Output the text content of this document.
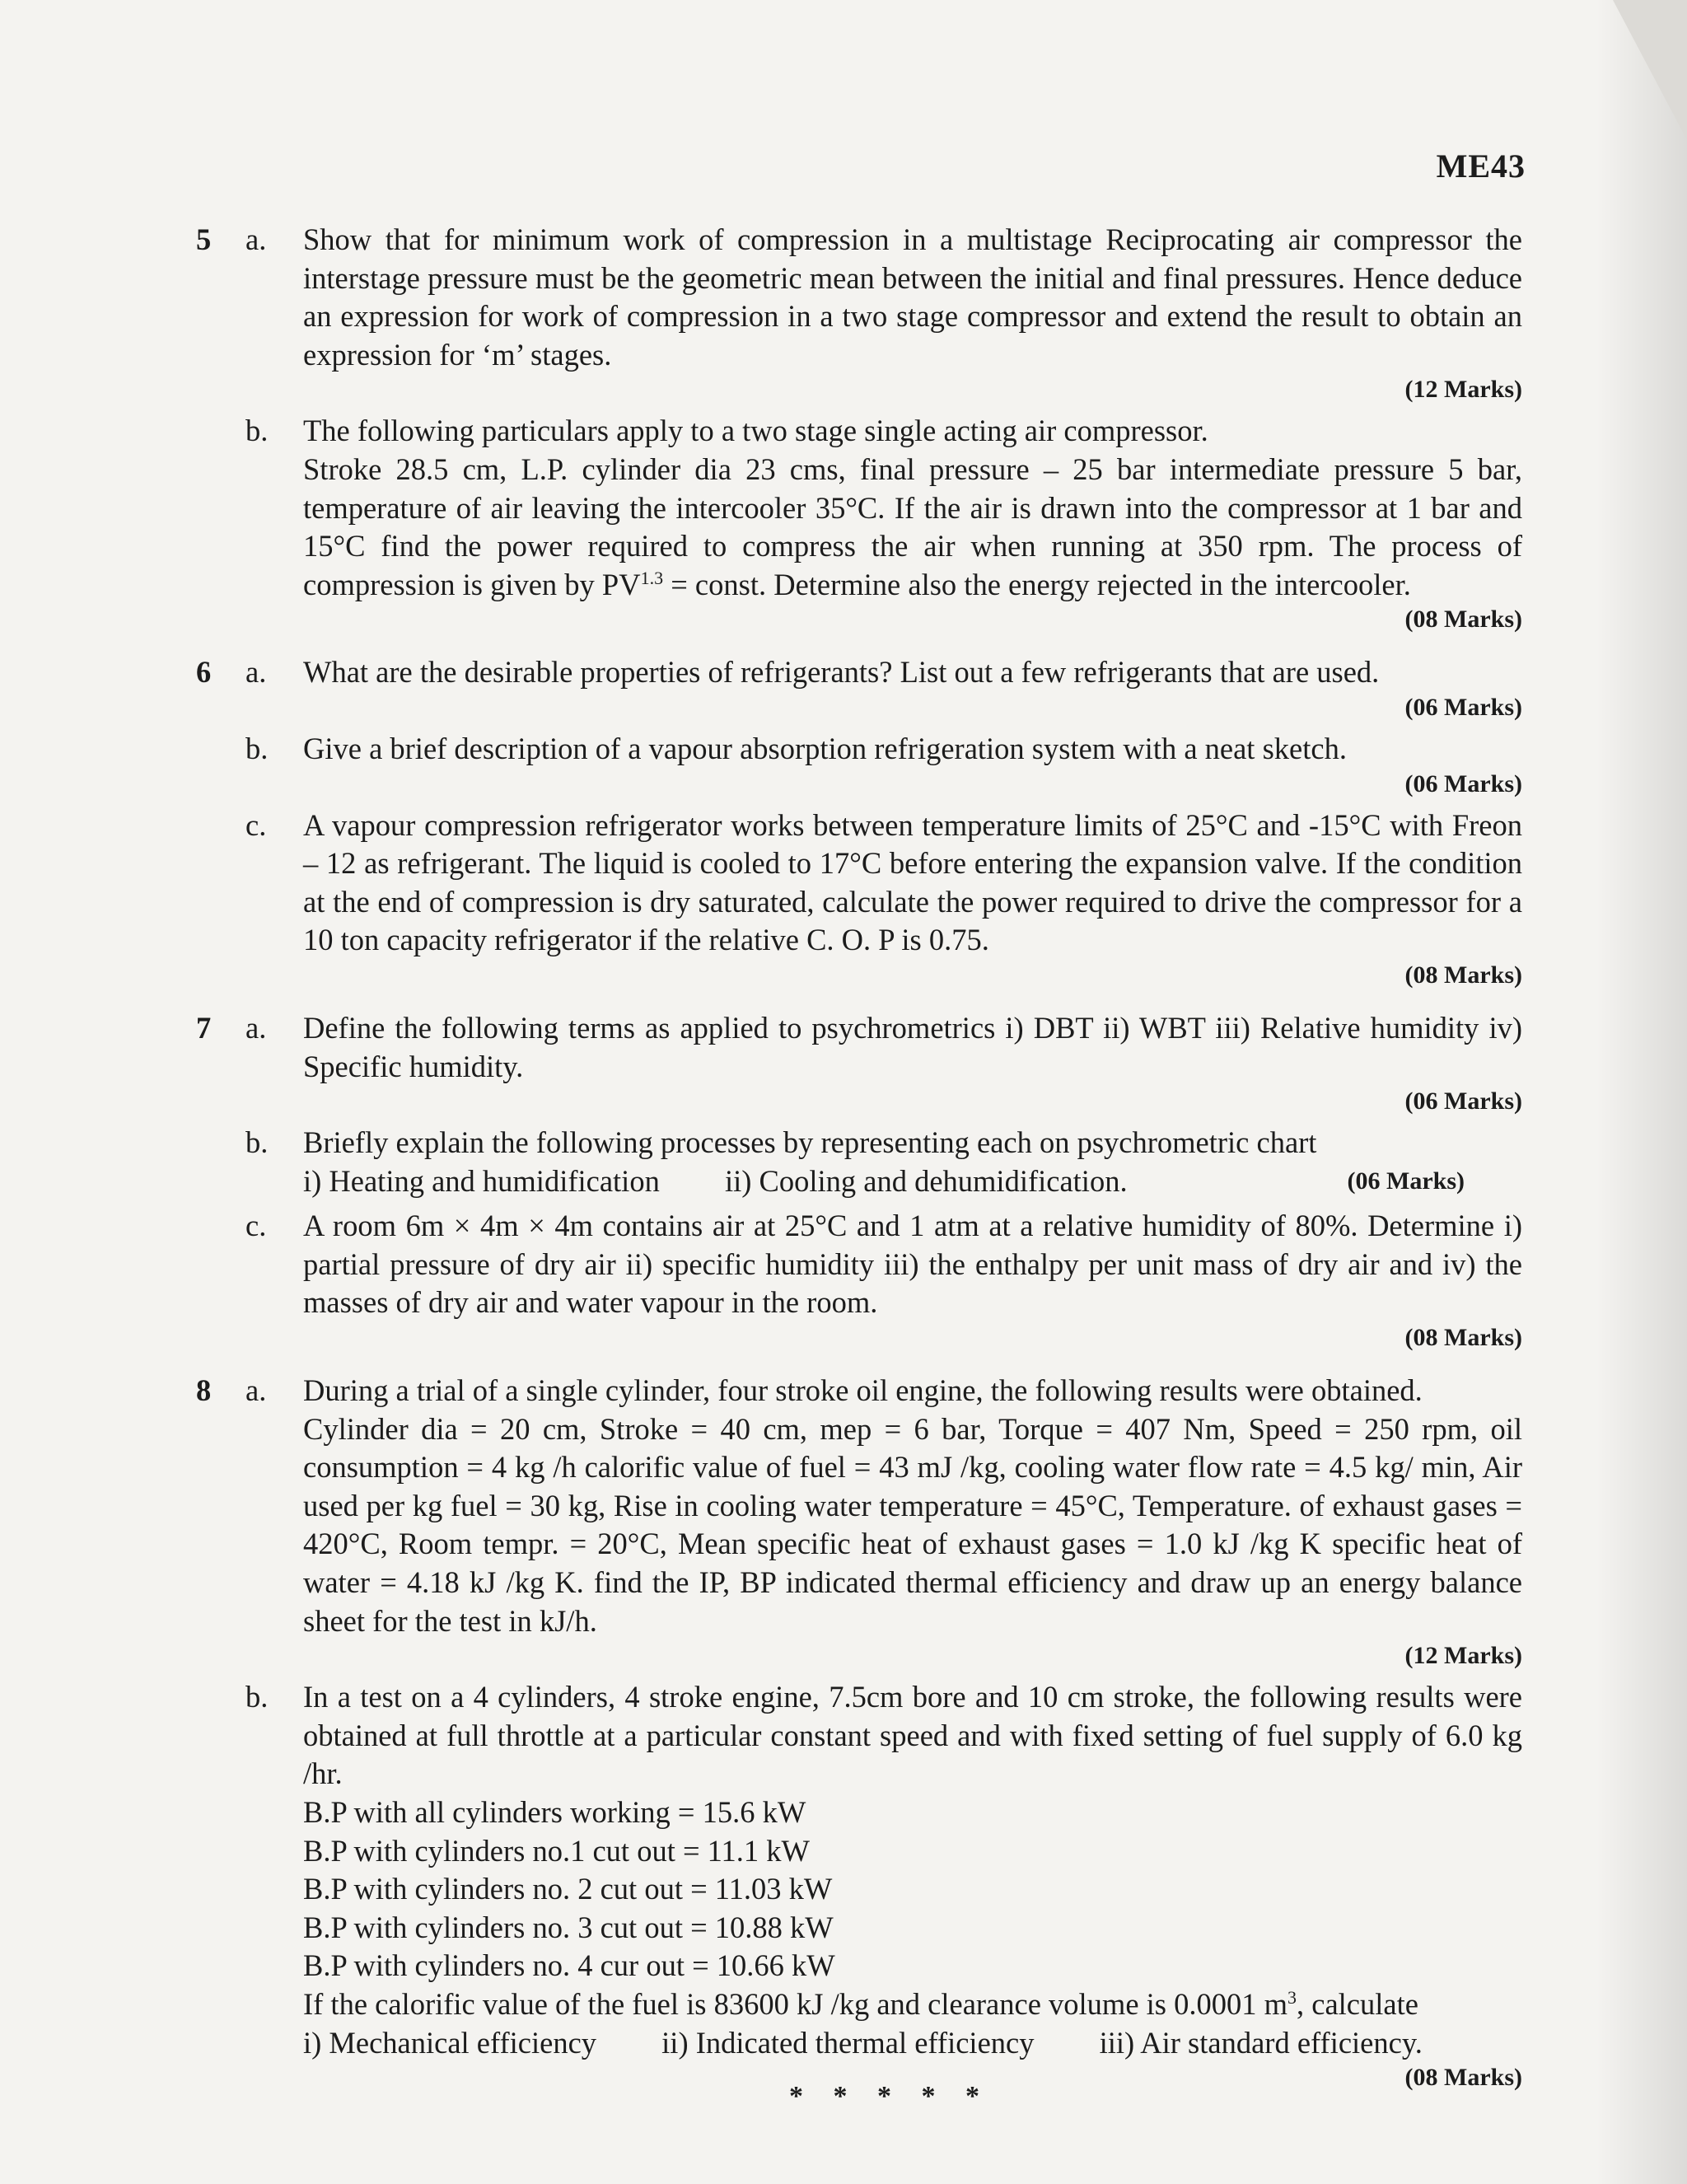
ME43
5 a. Show that for minimum work of compression in a multistage Reciprocating air compressor the interstage pressure must be the geometric mean between the initial and final pressures. Hence deduce an expression for work of compression in a two stage compressor and extend the result to obtain an expression for ‘m’ stages.

(12 Marks)
b. The following particulars apply to a two stage single acting air compressor.

Stroke 28.5 cm, L.P. cylinder dia 23 cms, final pressure – 25 bar intermediate pressure 5 bar, temperature of air leaving the intercooler 35°C. If the air is drawn into the compressor at 1 bar and 15°C find the power required to compress the air when running at 350 rpm. The process of compression is given by $PV^{1.3}$ = const. Determine also the energy rejected in the intercooler.

(08 Marks)
6 a. What are the desirable properties of refrigerants? List out a few refrigerants that are used.

(06 Marks)
b. Give a brief description of a vapour absorption refrigeration system with a neat sketch.

(06 Marks)
c. A vapour compression refrigerator works between temperature limits of 25°C and -15°C with Freon – 12 as refrigerant. The liquid is cooled to 17°C before entering the expansion valve. If the condition at the end of compression is dry saturated, calculate the power required to drive the compressor for a 10 ton capacity refrigerator if the relative C. O. P is 0.75.

(08 Marks)
7 a. Define the following terms as applied to psychrometrics i) DBT ii) WBT iii) Relative humidity iv) Specific humidity.

(06 Marks)
b. Briefly explain the following processes by representing each on psychrometric chart

i) Heating and humidification ii) Cooling and dehumidification.	(06 Marks)

c. A room 6m × 4m × 4m contains air at 25°C and 1 atm at a relative humidity of 80%. Determine i) partial pressure of dry air ii) specific humidity iii) the enthalpy per unit mass of dry air and iv) the masses of dry air and water vapour in the room.

(08 Marks)
8 a. During a trial of a single cylinder, four stroke oil engine, the following results were obtained.

Cylinder dia = 20 cm, Stroke = 40 cm, mep = 6 bar, Torque = 407 Nm, Speed = 250 rpm, oil consumption = 4 kg /h calorific value of fuel = 43 mJ /kg, cooling water flow rate = 4.5 kg/ min, Air used per kg fuel = 30 kg, Rise in cooling water temperature = 45°C, Temperature. of exhaust gases = 420°C, Room tempr. = 20°C, Mean specific heat of exhaust gases = 1.0 kJ /kg K specific heat of water = 4.18 kJ /kg K. find the IP, BP indicated thermal efficiency and draw up an energy balance sheet for the test in kJ/h.

(12 Marks)
b. In a test on a 4 cylinders, 4 stroke engine, 7.5cm bore and 10 cm stroke, the following results were obtained at full throttle at a particular constant speed and with fixed setting of fuel supply of 6.0 kg /hr.

B.P with all cylinders working = 15.6 kW

B.P with cylinders no.1 cut out = 11.1 kW

B.P with cylinders no. 2 cut out = 11.03 kW

B.P with cylinders no. 3 cut out = 10.88 kW

B.P with cylinders no. 4 cur out = 10.66 kW

If the calorific value of the fuel is 83600 kJ /kg and clearance volume is 0.0001 $m^3$, calculate

i) Mechanical efficiency ii) Indicated thermal efficiency iii) Air standard efficiency.

(08 Marks)
* * * * *
